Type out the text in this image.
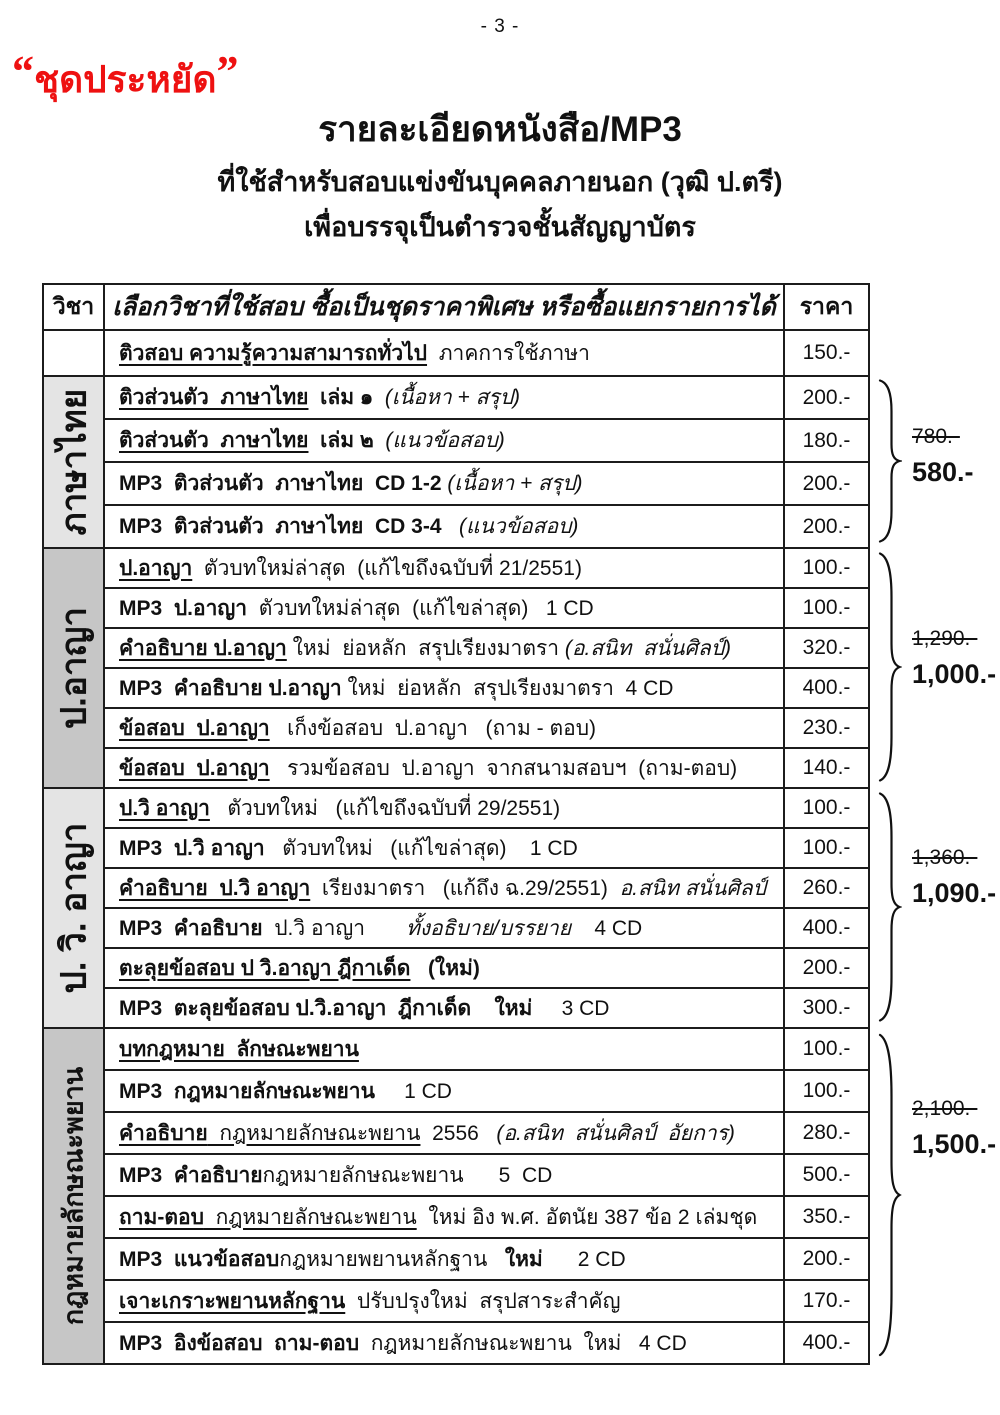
- 3 -
“ชุดประหยัด”
รายละเอียดหนังสือ/MP3
ที่ใช้สำหรับสอบแข่งขันบุคคลภายนอก (วุฒิ ป.ตรี)
เพื่อบรรจุเป็นตำรวจชั้นสัญญาบัตร
วิชา	เลือกวิชาที่ใช้สอบ ซื้อเป็นชุดราคาพิเศษ หรือซื้อแยกรายการได้	ราคา
	ติวสอบ ความรู้ความสามารถทั่วไป  ภาคการใช้ภาษา	150.-

ภาษาไทย	ติวส่วนตัว  ภาษาไทย  เล่ม ๑  (เนื้อหา + สรุป)	200.-
	ติวส่วนตัว  ภาษาไทย  เล่ม ๒  (แนวข้อสอบ)	180.-
	MP3  ติวส่วนตัว  ภาษาไทย  CD 1-2 (เนื้อหา + สรุป)	200.-
	MP3  ติวส่วนตัว  ภาษาไทย  CD 3-4   (แนวข้อสอบ)	200.-

ป.อาญา	ป.อาญา  ตัวบทใหม่ล่าสุด  (แก้ไขถึงฉบับที่ 21/2551)	100.-
	MP3  ป.อาญา  ตัวบทใหม่ล่าสุด  (แก้ไขล่าสุด)   1 CD	100.-
	คำอธิบาย ป.อาญา ใหม่  ย่อหลัก  สรุปเรียงมาตรา (อ.สนิท  สนั่นศิลป์)	320.-
	MP3  คำอธิบาย ป.อาญา ใหม่  ย่อหลัก  สรุปเรียงมาตรา  4 CD	400.-
	ข้อสอบ  ป.อาญา   เก็งข้อสอบ  ป.อาญา   (ถาม - ตอบ)	230.-
	ข้อสอบ  ป.อาญา   รวมข้อสอบ  ป.อาญา  จากสนามสอบฯ  (ถาม-ตอบ)	140.-

ป. วิ. อาญา	ป.วิ อาญา   ตัวบทใหม่   (แก้ไขถึงฉบับที่ 29/2551)	100.-
	MP3  ป.วิ อาญา   ตัวบทใหม่   (แก้ไขล่าสุด)    1 CD	100.-
	คำอธิบาย  ป.วิ อาญา  เรียงมาตรา   (แก้ถึง ฉ.29/2551)  อ.สนิท สนั่นศิลป์	260.-
	MP3  คำอธิบาย  ป.วิ อาญา       ทั้งอธิบาย/บรรยาย    4 CD	400.-
	ตะลุยข้อสอบ ป วิ.อาญา ฎีกาเด็ด   (ใหม่)	200.-
	MP3  ตะลุยข้อสอบ ป.วิ.อาญา  ฎีกาเด็ด ใหม่     3 CD	300.-

กฎหมายลักษณะพยาน	บทกฎหมาย  ลักษณะพยาน	100.-
	MP3  กฎหมายลักษณะพยาน     1 CD	100.-
	คำอธิบาย  กฎหมายลักษณะพยาน  2556   (อ.สนิท  สนั่นศิลป์  อัยการ)	280.-
	MP3  คำอธิบายกฎหมายลักษณะพยาน      5  CD	500.-
	ถาม-ตอบ  กฎหมายลักษณะพยาน  ใหม่ อิง พ.ศ. อัตนัย 387 ข้อ 2 เล่มชุด	350.-
	MP3  แนวข้อสอบกฎหมายพยานหลักฐาน   ใหม่      2 CD	200.-
	เจาะเกราะพยานหลักฐาน  ปรับปรุงใหม่  สรุปสาระสำคัญ	170.-
	MP3  อิงข้อสอบ  ถาม-ตอบ  กฎหมายลักษณะพยาน  ใหม่   4 CD	400.-
780.-
580.-
1,290.-
1,000.-
1,360.-
1,090.-
2,100.-
1,500.-
